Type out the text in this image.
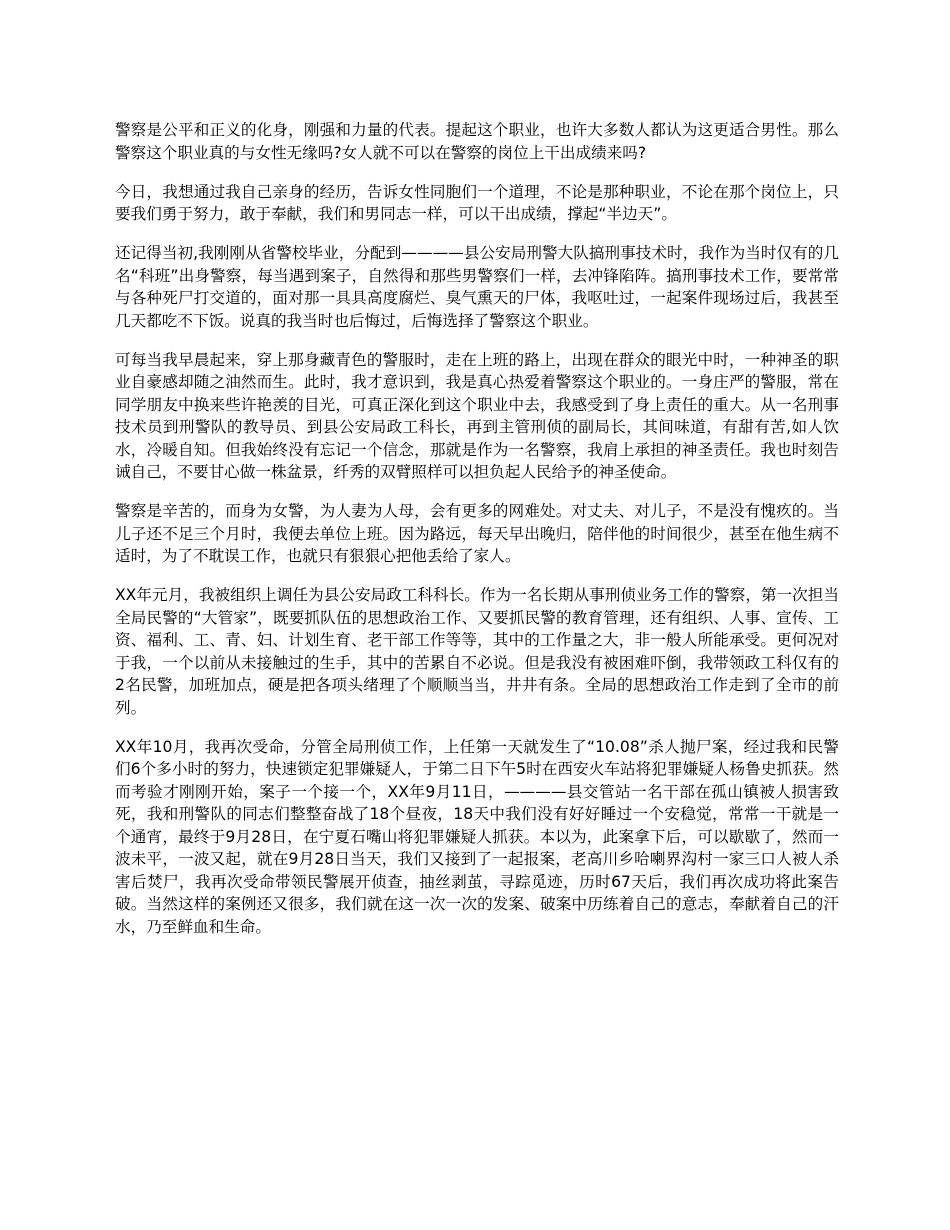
警察是公平和正义的化身，刚强和力量的代表。提起这个职业，也许大多数人都认为这更适合男性。那么警察这个职业真的与女性无缘吗?女人就不可以在警察的岗位上干出成绩来吗?

今日，我想通过我自己亲身的经历，告诉女性同胞们一个道理，不论是那种职业，不论在那个岗位上，只要我们勇于努力，敢于奉献，我们和男同志一样，可以干出成绩，撑起“半边天”。

还记得当初,我刚刚从省警校毕业，分配到————县公安局刑警大队搞刑事技术时，我作为当时仅有的几名“科班”出身警察，每当遇到案子，自然得和那些男警察们一样，去冲锋陷阵。搞刑事技术工作，要常常与各种死尸打交道的，面对那一具具高度腐烂、臭气熏天的尸体，我呕吐过，一起案件现场过后，我甚至几天都吃不下饭。说真的我当时也后悔过，后悔选择了警察这个职业。

可每当我早晨起来，穿上那身藏青色的警服时，走在上班的路上，出现在群众的眼光中时，一种神圣的职业自豪感却随之油然而生。此时，我才意识到，我是真心热爱着警察这个职业的。一身庄严的警服，常在同学朋友中换来些许艳羡的目光，可真正深化到这个职业中去，我感受到了身上责任的重大。从一名刑事技术员到刑警队的教导员、到县公安局政工科长，再到主管刑侦的副局长，其间味道，有甜有苦,如人饮水，冷暖自知。但我始终没有忘记一个信念，那就是作为一名警察，我肩上承担的神圣责任。我也时刻告诫自己，不要甘心做一株盆景，纤秀的双臂照样可以担负起人民给予的神圣使命。

警察是辛苦的，而身为女警，为人妻为人母，会有更多的网难处。对丈夫、对儿子，不是没有愧疚的。当儿子还不足三个月时，我便去单位上班。因为路远，每天早出晚归，陪伴他的时间很少，甚至在他生病不适时，为了不耽误工作，也就只有狠狠心把他丢给了家人。

XX年元月，我被组织上调任为县公安局政工科科长。作为一名长期从事刑侦业务工作的警察，第一次担当全局民警的“大管家”，既要抓队伍的思想政治工作、又要抓民警的教育管理，还有组织、人事、宣传、工资、福利、工、青、妇、计划生育、老干部工作等等，其中的工作量之大，非一般人所能承受。更何况对于我，一个以前从未接触过的生手，其中的苦累自不必说。但是我没有被困难吓倒，我带领政工科仅有的2名民警，加班加点，硬是把各项头绪理了个顺顺当当，井井有条。全局的思想政治工作走到了全市的前列。

XX年10月，我再次受命，分管全局刑侦工作，上任第一天就发生了“10.08”杀人抛尸案，经过我和民警们6个多小时的努力，快速锁定犯罪嫌疑人，于第二日下午5时在西安火车站将犯罪嫌疑人杨鲁史抓获。然而考验才刚刚开始，案子一个接一个，XX年9月11日，————县交管站一名干部在孤山镇被人损害致死，我和刑警队的同志们整整奋战了18个昼夜，18天中我们没有好好睡过一个安稳觉，常常一干就是一个通宵，最终于9月28日，在宁夏石嘴山将犯罪嫌疑人抓获。本以为，此案拿下后，可以歇歇了，然而一波未平，一波又起，就在9月28日当天，我们又接到了一起报案，老高川乡哈喇界沟村一家三口人被人杀害后焚尸，我再次受命带领民警展开侦查，抽丝剥茧，寻踪觅迹，历时67天后，我们再次成功将此案告破。当然这样的案例还又很多，我们就在这一次一次的发案、破案中历练着自己的意志，奉献着自己的汗水，乃至鲜血和生命。
